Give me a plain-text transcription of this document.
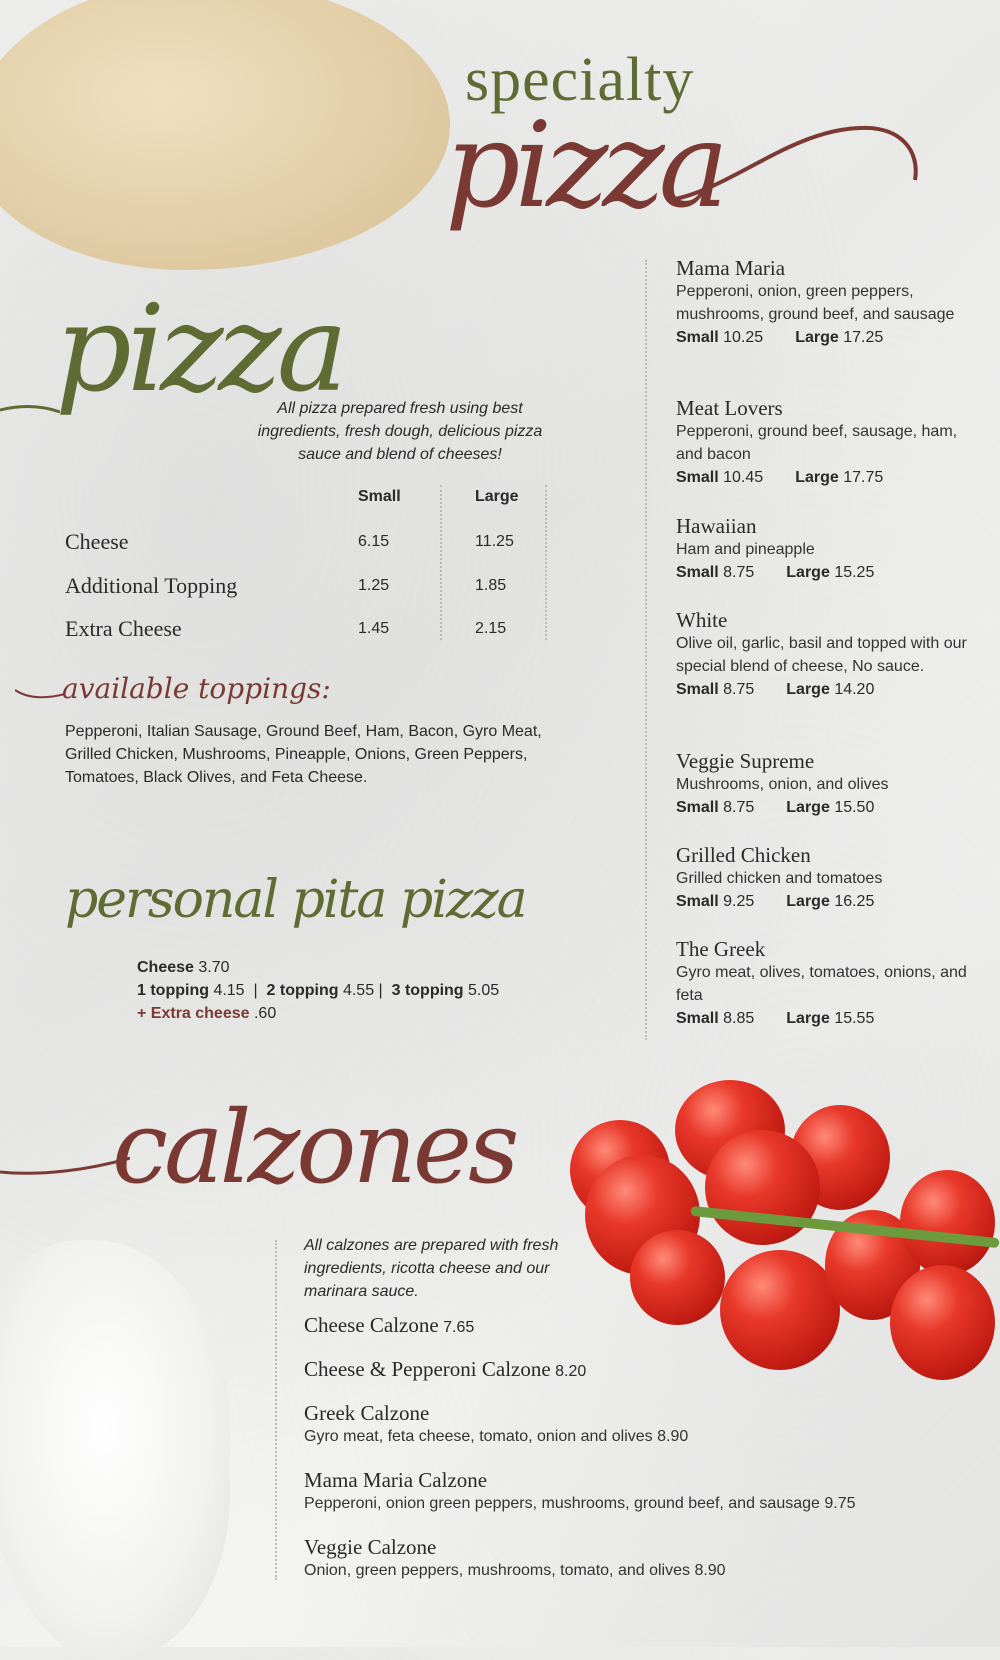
specialty
pizza
pizza
All pizza prepared fresh using best ingredients, fresh dough, delicious pizza sauce and blend of cheeses!
Small	Large
Cheese	6.15	11.25
Additional Topping	1.25	1.85
Extra Cheese	1.45	2.15
available toppings:
Pepperoni, Italian Sausage, Ground Beef, Ham, Bacon, Gyro Meat, Grilled Chicken, Mushrooms, Pineapple, Onions, Green Peppers, Tomatoes, Black Olives, and Feta Cheese.
personal pita pizza
Cheese 3.70
1 topping 4.15  |  2 topping 4.55 |  3 topping 5.05
+ Extra cheese .60
Mama Maria
Pepperoni, onion, green peppers, mushrooms, ground beef, and sausage
Small 10.25 Large 17.25
Meat Lovers
Pepperoni, ground beef, sausage, ham, and bacon
Small 10.45 Large 17.75
Hawaiian
Ham and pineapple
Small 8.75 Large 15.25
White
Olive oil, garlic, basil and topped with our special blend of cheese, No sauce.
Small 8.75 Large 14.20
Veggie Supreme
Mushrooms, onion, and olives
Small 8.75 Large 15.50
Grilled Chicken
Grilled chicken and tomatoes
Small 9.25 Large 16.25
The Greek
Gyro meat, olives, tomatoes, onions, and feta
Small 8.85 Large 15.55
calzones
All calzones are prepared with fresh ingredients, ricotta cheese and our marinara sauce.
Cheese Calzone 7.65
Cheese & Pepperoni Calzone 8.20
Greek Calzone
Gyro meat, feta cheese, tomato, onion and olives 8.90
Mama Maria Calzone
Pepperoni, onion green peppers, mushrooms, ground beef, and sausage 9.75
Veggie Calzone
Onion, green peppers, mushrooms, tomato, and olives 8.90
